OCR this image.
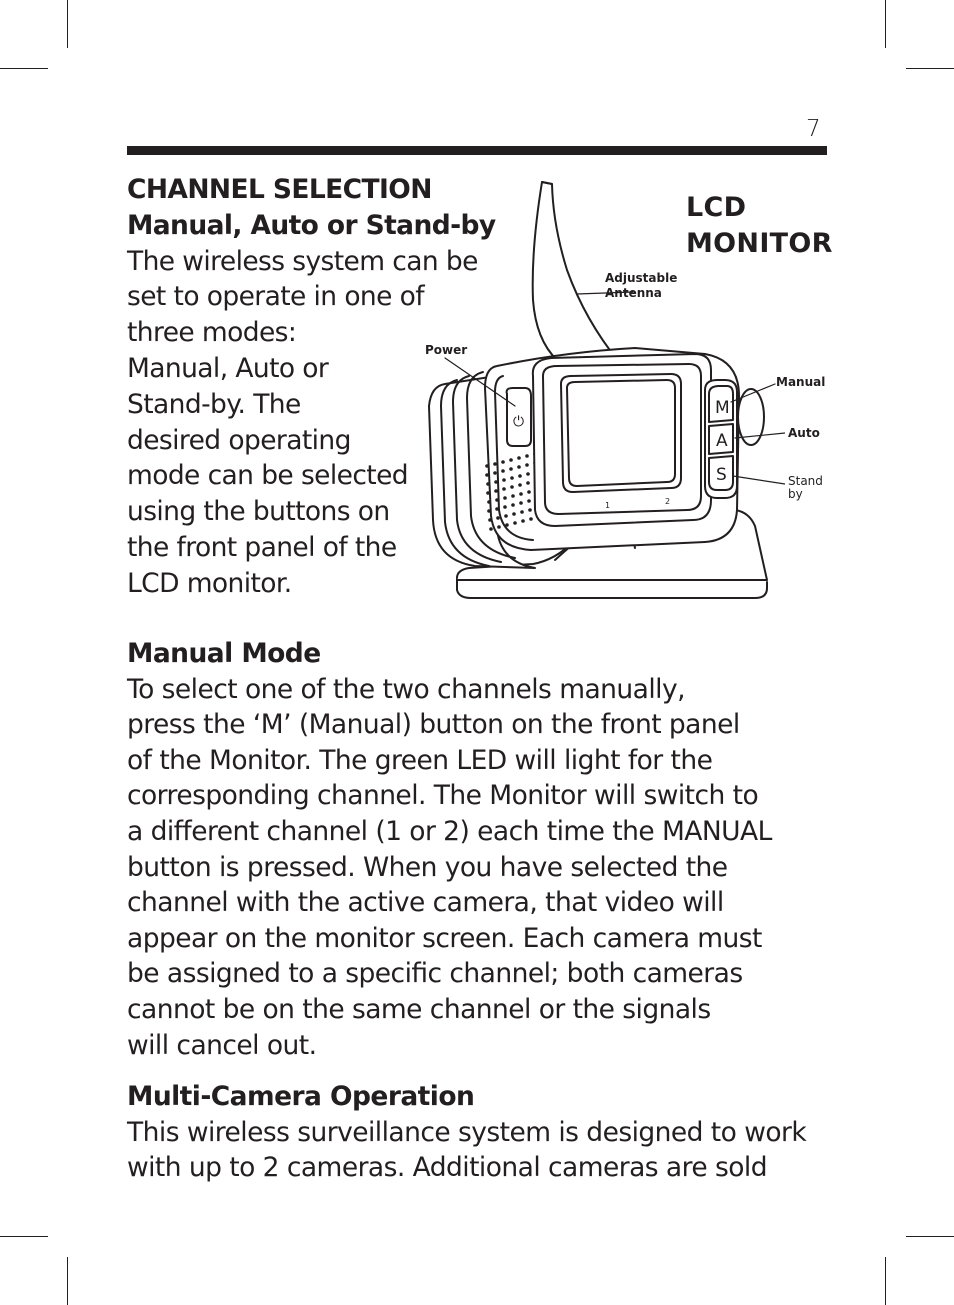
7
CHANNEL SELECTION
Manual, Auto or Stand-by
The wireless system can be
set to operate in one of
three modes:
Manual, Auto or
Stand-by. The
desired operating
mode can be selected
using the buttons on
the front panel of the
LCD monitor.
⏻
M
A
S
1	2
LCD
MONITOR
Adjustable
Antenna
Power
Manual
Auto
Stand
by
Manual Mode
To select one of the two channels manually,
press the ‘M’ (Manual) button on the front panel
of the Monitor. The green LED will light for the
corresponding channel. The Monitor will switch to
a different channel (1 or 2) each time the MANUAL
button is pressed. When you have selected the
channel with the active camera, that video will
appear on the monitor screen. Each camera must
be assigned to a speciﬁc channel; both cameras
cannot be on the same channel or the signals
will cancel out.
Multi-Camera Operation
This wireless surveillance system is designed to work
with up to 2 cameras. Additional cameras are sold
